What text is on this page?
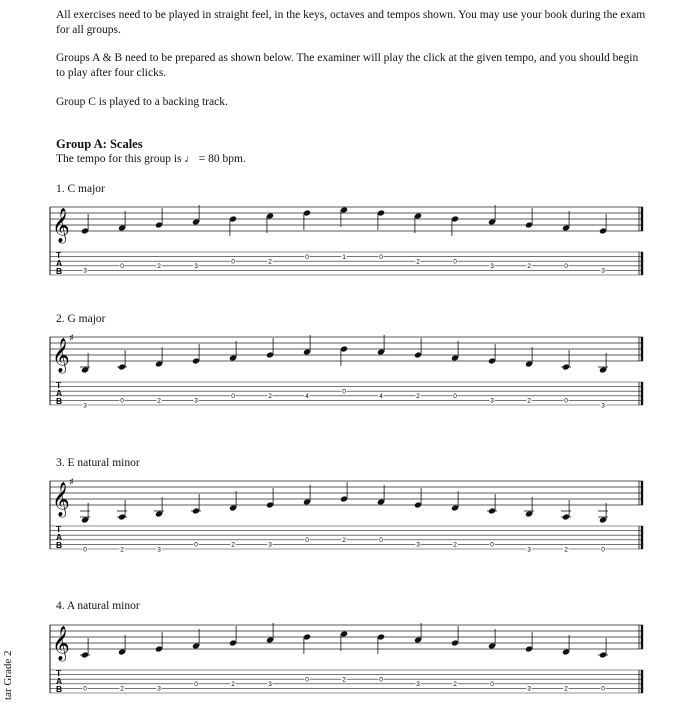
All exercises need to be played in straight feel, in the keys, octaves and tempos shown. You may use your book during the exam for all groups.

Groups A & B need to be prepared as shown below. The examiner will play the click at the given tempo, and you should begin to play after four clicks.

Group C is played to a backing track.

Group A: Scales

The tempo for this group is ♩ = 80 bpm.

1. C major
𝄞
T
A
B	3
0	2	3
0	2
0	1	0
2	0
3	2	0
3
2. G major
𝄞 ♯
T
A
B	3
0	2	3
0	2	4
0
4	2	0
3	2	0
3
3. E natural minor
𝄞 ♯
T
A
B	0	2	3
0	2	3
0	2	0
3	2	0
3	2	0
4. A natural minor
𝄞
T
A
B	0	2	3
0	2	3
0	2	0
3	2	0
3	2	0
tar Grade 2
